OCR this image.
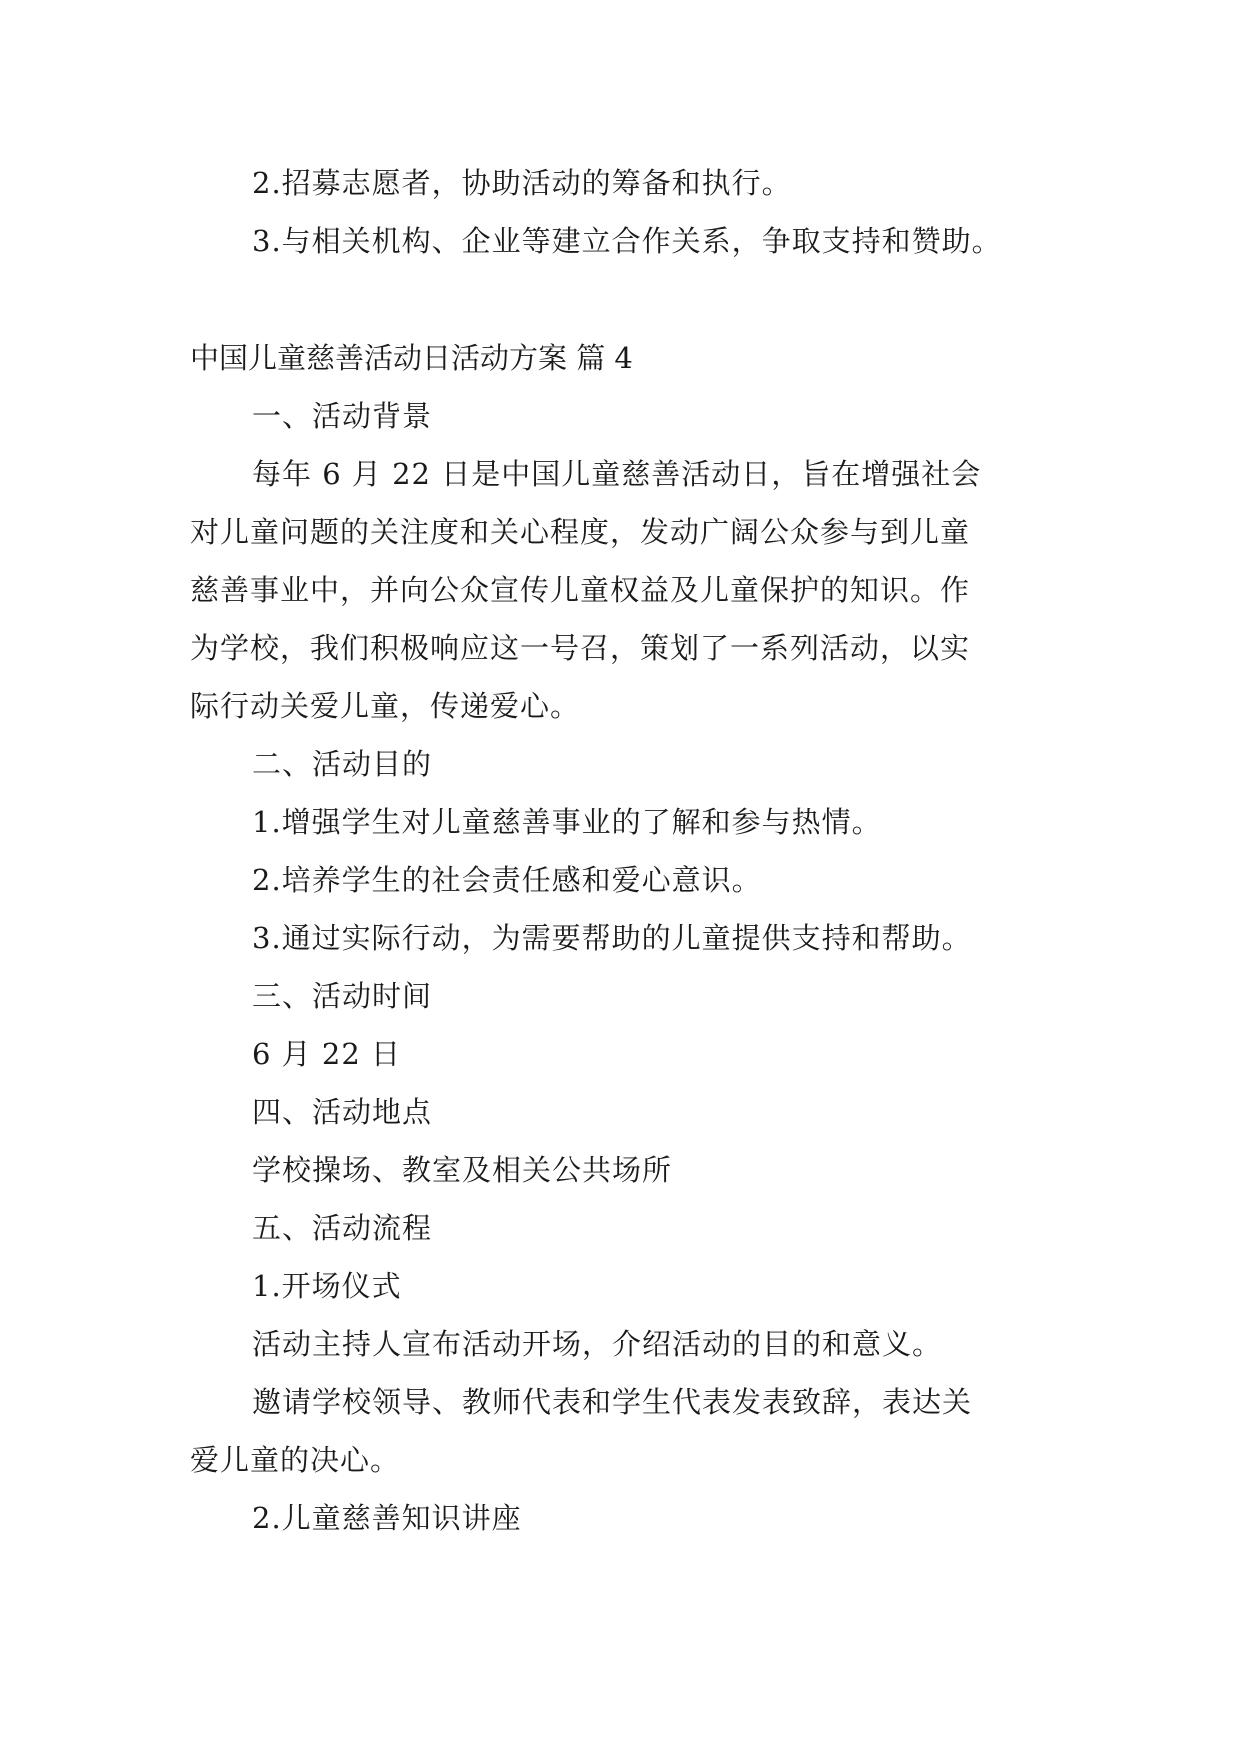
2.招募志愿者，协助活动的筹备和执行。
3.与相关机构、企业等建立合作关系，争取支持和赞助。
中国儿童慈善活动日活动方案 篇 4
一、活动背景
每年 6 月 22 日是中国儿童慈善活动日，旨在增强社会
对儿童问题的关注度和关心程度，发动广阔公众参与到儿童
慈善事业中，并向公众宣传儿童权益及儿童保护的知识。作
为学校，我们积极响应这一号召，策划了一系列活动，以实
际行动关爱儿童，传递爱心。
二、活动目的
1.增强学生对儿童慈善事业的了解和参与热情。
2.培养学生的社会责任感和爱心意识。
3.通过实际行动，为需要帮助的儿童提供支持和帮助。
三、活动时间
6 月 22 日
四、活动地点
学校操场、教室及相关公共场所
五、活动流程
1.开场仪式
活动主持人宣布活动开场，介绍活动的目的和意义。
邀请学校领导、教师代表和学生代表发表致辞，表达关
爱儿童的决心。
2.儿童慈善知识讲座
